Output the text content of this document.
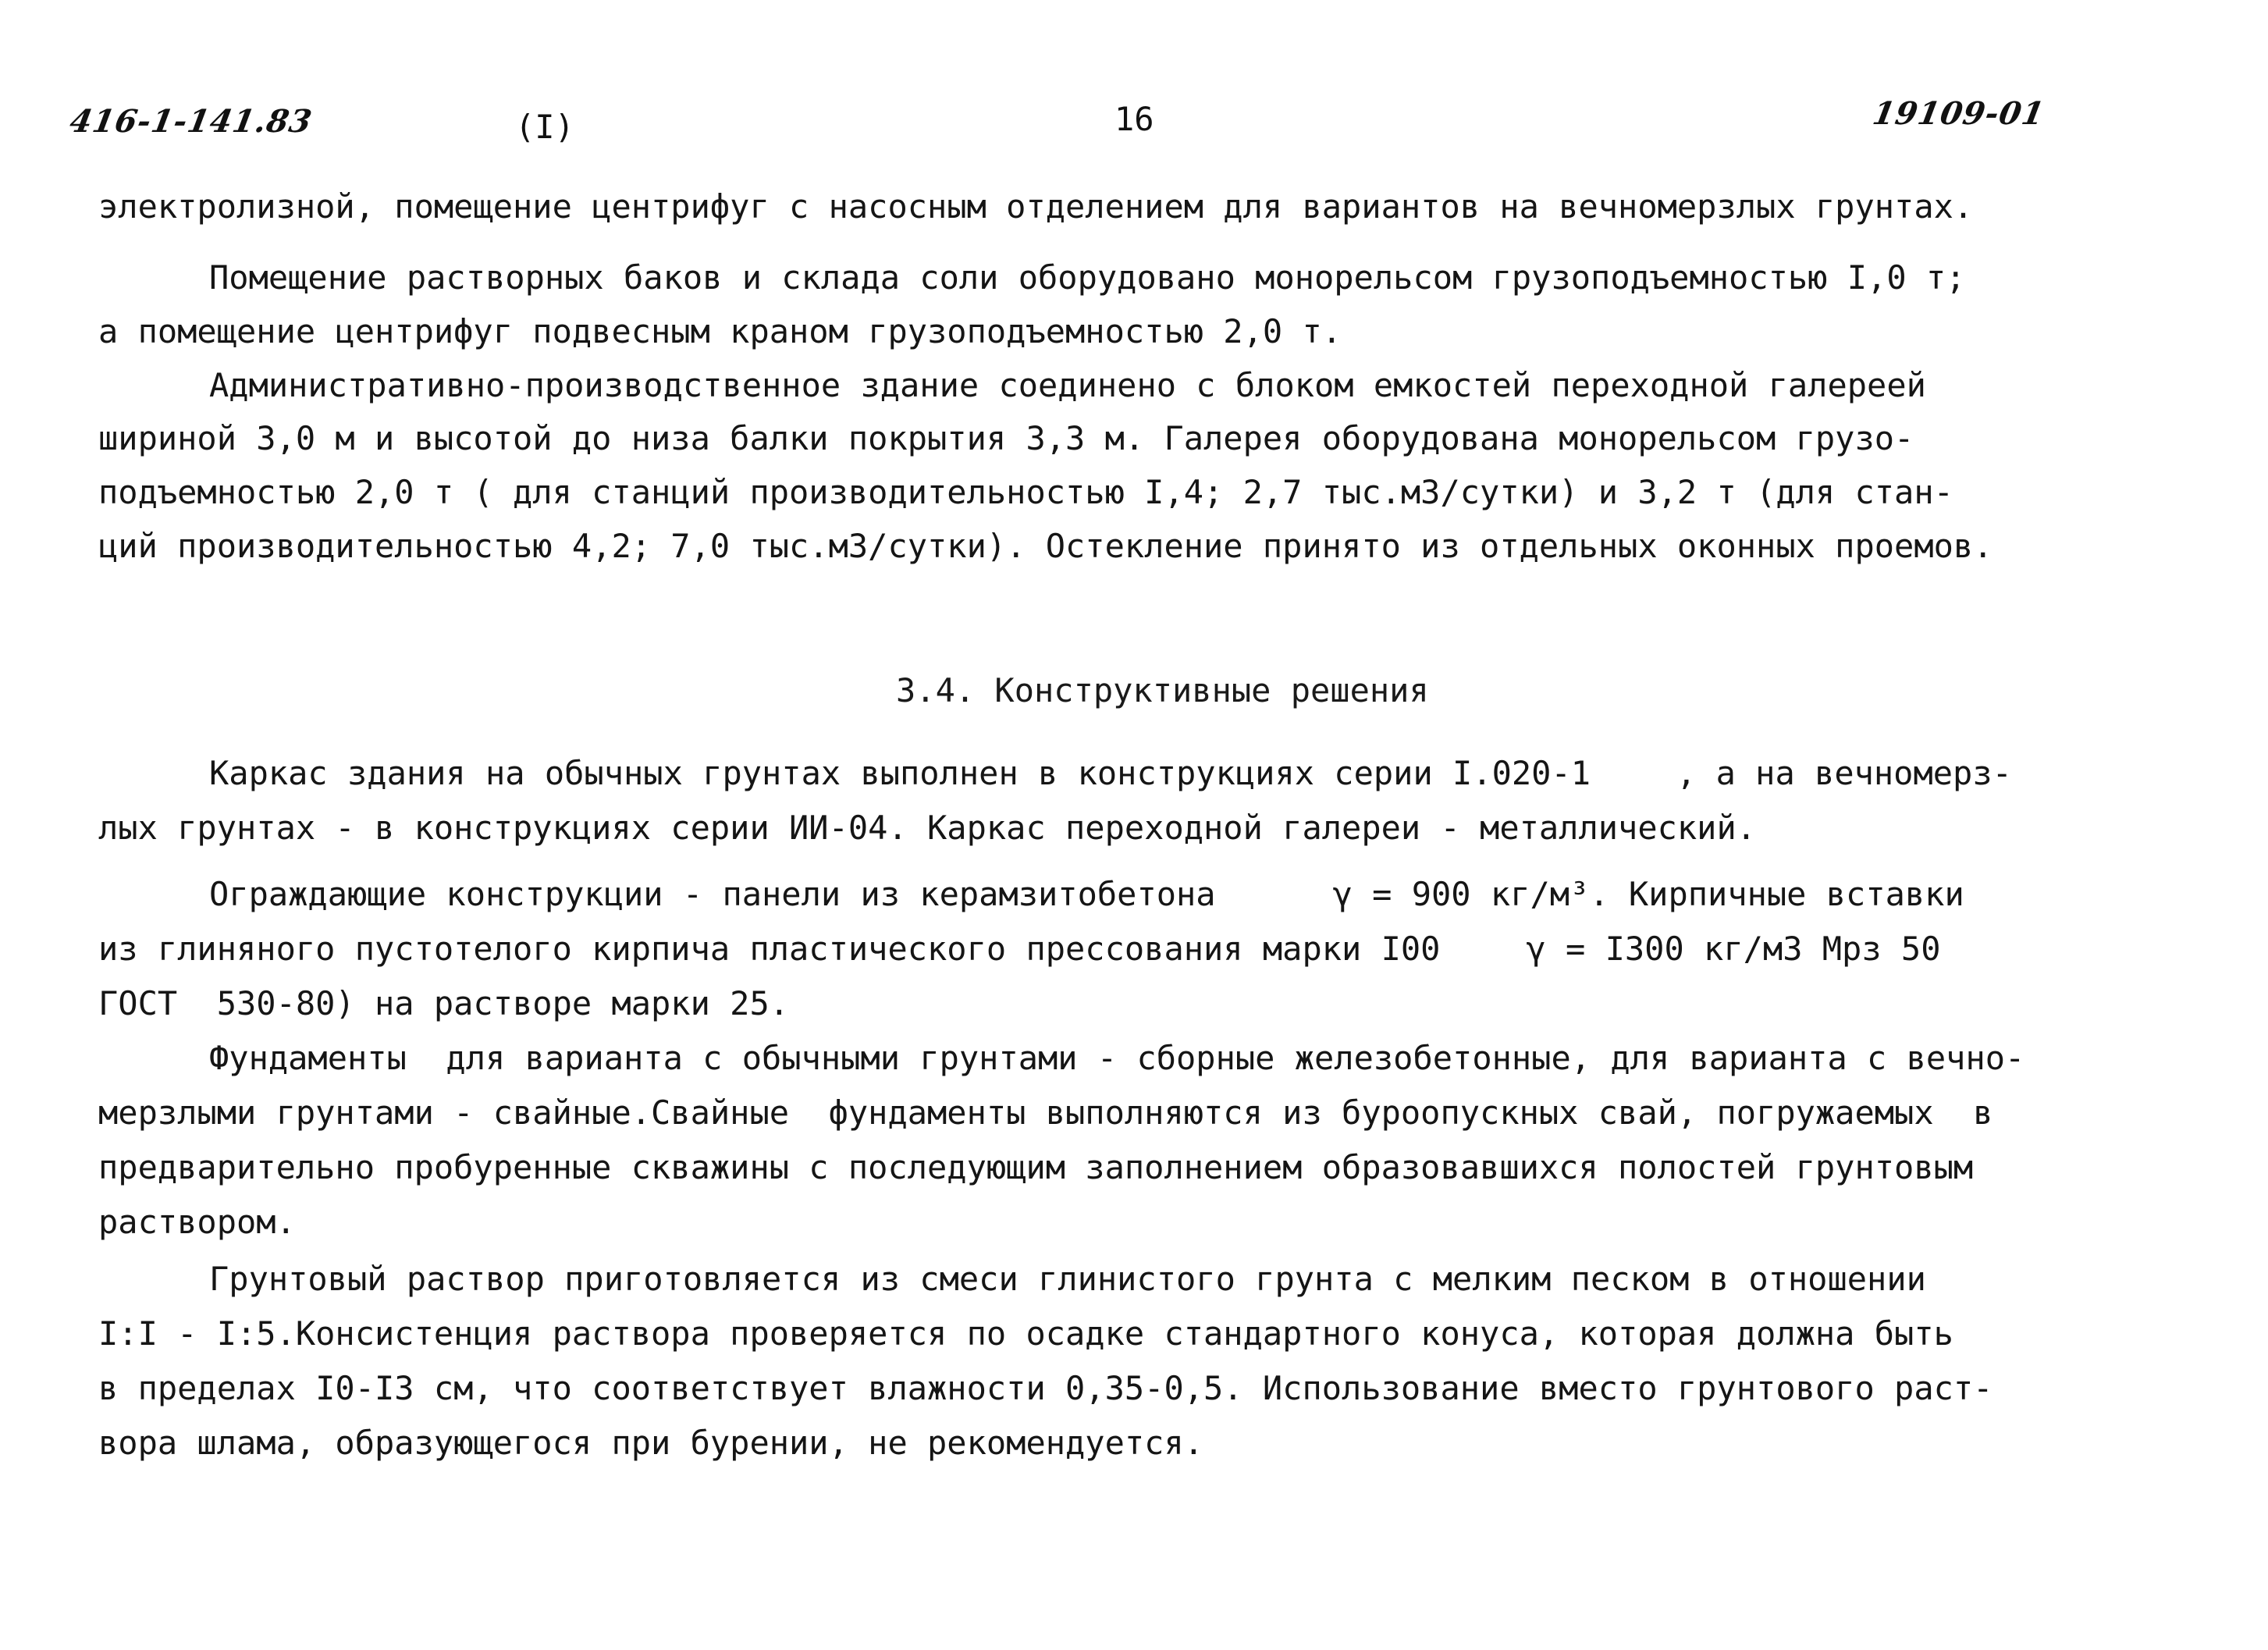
416-1-141.83	(I)	16	19109-01
электролизной, помещение центрифуг с насосным отделением для вариантов на вечномерзлых грунтах.
Помещение растворных баков и склада соли оборудовано монорельсом грузоподъемностью I,0 т;
а помещение центрифуг подвесным краном грузоподъемностью 2,0 т.
Административно-производственное здание соединено с блоком емкостей переходной галереей
шириной 3,0 м и высотой до низа балки покрытия 3,3 м. Галерея оборудована монорельсом грузо-
подъемностью 2,0 т ( для станций производительностью I,4; 2,7 тыс.м3/сутки) и 3,2 т (для стан-
ций производительностью 4,2; 7,0 тыс.м3/сутки). Остекление принято из отдельных оконных проемов.
3.4. Конструктивные решения
Каркас здания на обычных грунтах выполнен в конструкциях серии I.020-1	, а на вечномерз-
лых грунтах - в конструкциях серии ИИ-04. Каркас переходной галереи - металлический.
Ограждающие конструкции - панели из керамзитобетона	γ = 900 кг/м³. Кирпичные вставки
из глиняного пустотелого кирпича пластического прессования марки I00	γ = I300 кг/м3 Мрз 50
ГОСТ  530-80) на растворе марки 25.
Фундаменты  для варианта с обычными грунтами - сборные железобетонные, для варианта с вечно-
мерзлыми грунтами - свайные.Свайные  фундаменты выполняются из буроопускных свай, погружаемых  в
предварительно пробуренные скважины с последующим заполнением образовавшихся полостей грунтовым
раствором.
Грунтовый раствор приготовляется из смеси глинистого грунта с мелким песком в отношении
I:I - I:5.Консистенция раствора проверяется по осадке стандартного конуса, которая должна быть
в пределах I0-I3 см, что соответствует влажности 0,35-0,5. Использование вместо грунтового раст-
вора шлама, образующегося при бурении, не рекомендуется.
